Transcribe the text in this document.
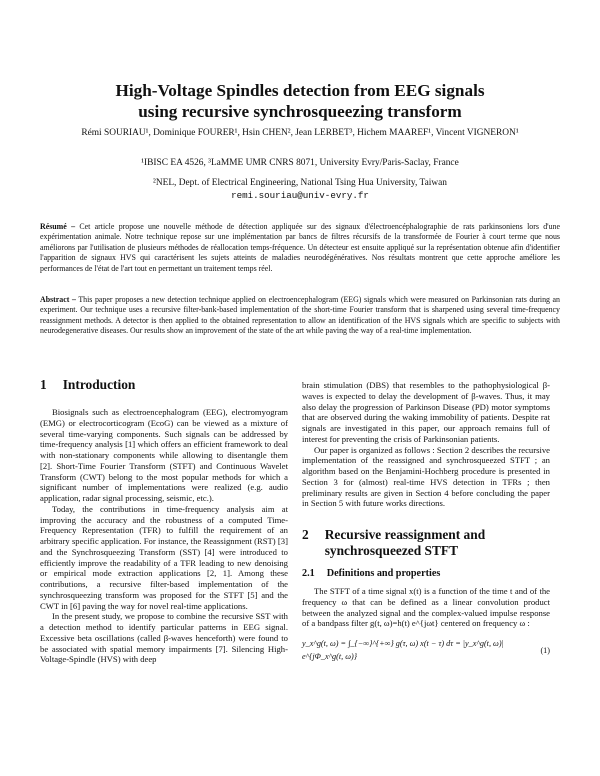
High-Voltage Spindles detection from EEG signals
using recursive synchrosqueezing transform
Rémi SOURIAU¹, Dominique FOURER¹, Hsin CHEN², Jean LERBET³, Hichem MAAREF¹, Vincent VIGNERON¹
¹IBISC EA 4526, ³LaMME UMR CNRS 8071, University Evry/Paris-Saclay, France
²NEL, Dept. of Electrical Engineering, National Tsing Hua University, Taiwan
remi.souriau@univ-evry.fr
Résumé – Cet article propose une nouvelle méthode de détection appliquée sur des signaux d'électroencéphalographie de rats parkinsoniens lors d'une expérimentation animale. Notre technique repose sur une implémentation par bancs de filtres récursifs de la transformée de Fourier à court terme que nous améliorons par l'utilisation de plusieurs méthodes de réallocation temps-fréquence. Un détecteur est ensuite appliqué sur la représentation obtenue afin d'identifier l'apparition de signaux HVS qui caractérisent les sujets atteints de maladies neurodégénératives. Nos résultats montrent que cette approche améliore les performances de l'état de l'art tout en permettant un traitement temps réel.
Abstract – This paper proposes a new detection technique applied on electroencephalogram (EEG) signals which were measured on Parkinsonian rats during an experiment. Our technique uses a recursive filter-bank-based implementation of the short-time Fourier transform that is sharpened using several time-frequency reassignment methods. A detector is then applied to the obtained representation to allow an identification of the HVS signals which are specific to subjects with neurodegenerative diseases. Our results show an improvement of the state of the art while paving the way of a real-time implementation.
1 Introduction

Biosignals such as electroencephalogram (EEG), electromyogram (EMG) or electrocorticogram (EcoG) can be viewed as a mixture of several time-varying components. Such signals can be addressed by time-frequency analysis [1] which offers an efficient framework to deal with non-stationary components while allowing to disentangle them [2]. Short-Time Fourier Transform (STFT) and Continuous Wavelet Transform (CWT) belong to the most popular methods for which a significant number of implementations were realized (e.g. audio application, radar signal processing, seismic, etc.).

Today, the contributions in time-frequency analysis aim at improving the accuracy and the robustness of a computed Time-Frequency Representation (TFR) to fulfill the requirement of an arbitrary specific application. For instance, the Reassignment (RST) [3] and the Synchrosqueezing Transform (SST) [4] were introduced to efficiently improve the readability of a TFR leading to new denoising or empirical mode extraction applications [2, 1]. Among these contributions, a recursive filter-based implementation of the synchrosqueezing transform was proposed for the STFT [5] and the CWT in [6] paving the way for novel real-time applications.

In the present study, we propose to combine the recursive SST with a detection method to identify particular patterns in EEG signal. Excessive beta oscillations (called β-waves henceforth) were found to be associated with spatial memory impairments [7]. Silencing High-Voltage-Spindle (HVS) with deep

brain stimulation (DBS) that resembles to the pathophysiological β-waves is expected to delay the development of β-waves. Thus, it may also delay the progression of Parkinson Disease (PD) motor symptoms that are observed during the waking immobility of patients. Despite rat signals are investigated in this paper, our approach remains full of interest for preventing the crisis of Parkinsonian patients.

Our paper is organized as follows : Section 2 describes the recursive implementation of the reassigned and synchrosqueezed STFT ; an algorithm based on the Benjamini-Hochberg procedure is presented in Section 3 for (almost) real-time HVS detection in TFRs ; then preliminary results are given in Section 4 before concluding the paper in Section 5 with future works directions.

2 Recursive reassignment and synchrosqueezed STFT
2.1 Definitions and properties

The STFT of a time signal x(t) is a function of the time t and of the frequency ω that can be defined as a linear convolution product between the analyzed signal and the complex-valued impulse response of a bandpass filter g(t, ω)=h(t) e^{jωt} centered on frequency ω :

y_x^g(t, ω) = ∫_{−∞}^{+∞} g(τ, ω) x(t − τ) dτ = |y_x^g(t, ω)| e^{jΦ_x^g(t, ω)}
(1)
